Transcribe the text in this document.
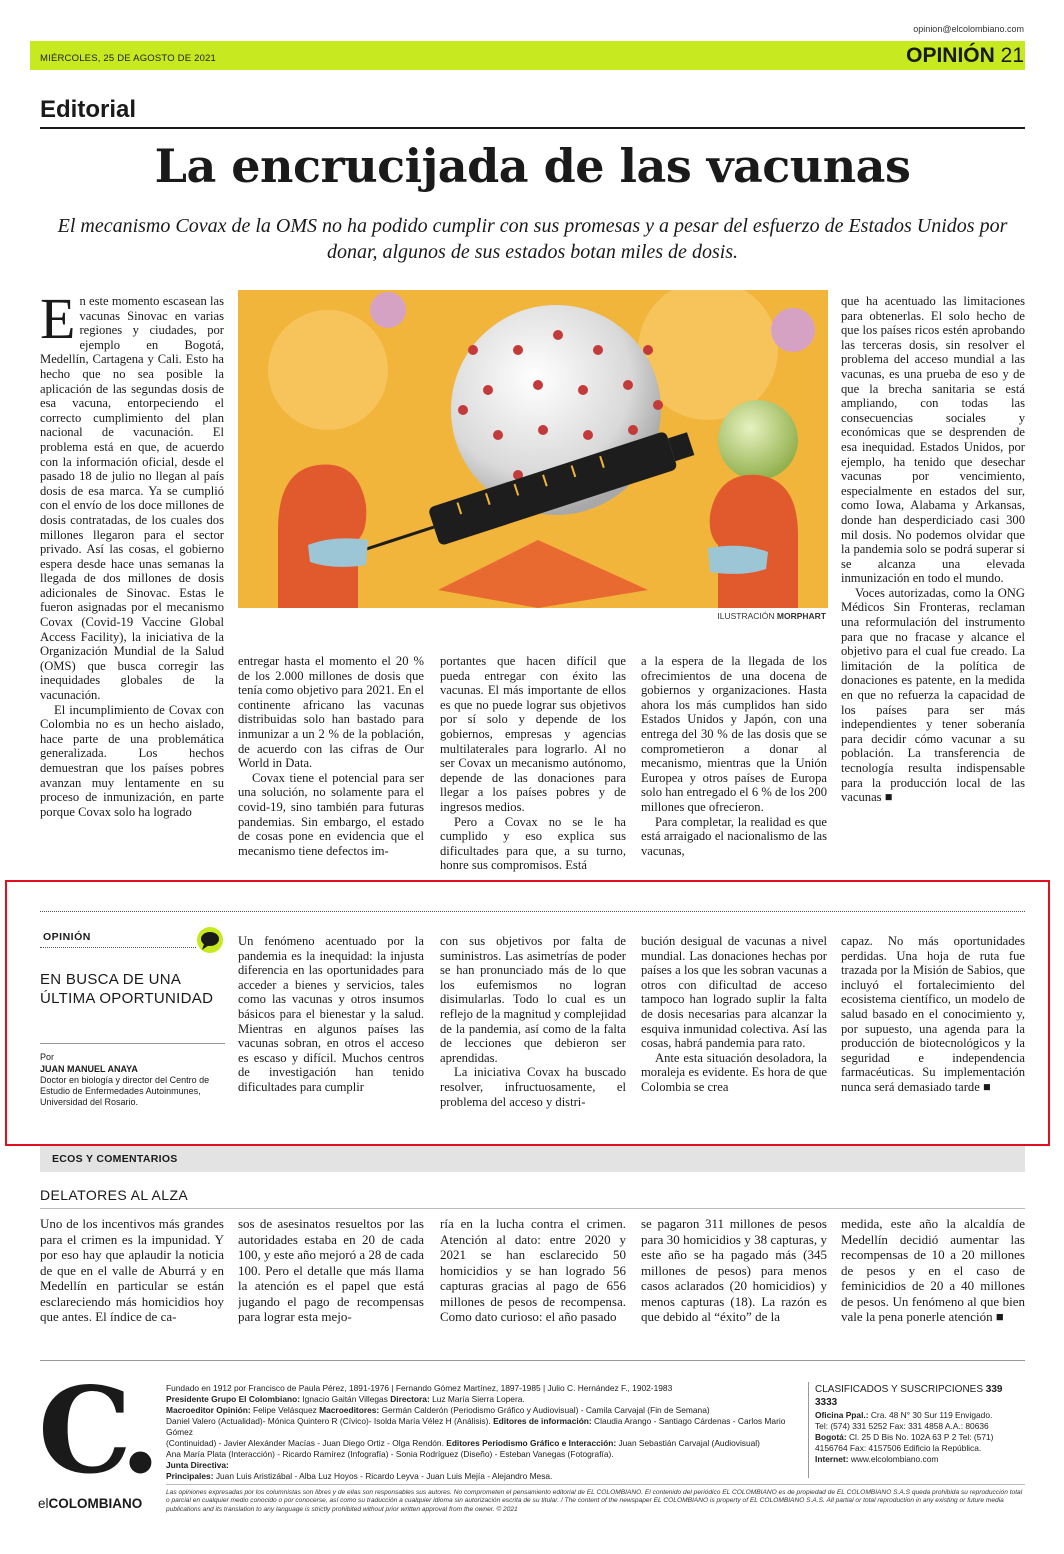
opinion@elcolombiano.com
MIÉRCOLES, 25 DE AGOSTO DE 2021	OPINIÓN 21
Editorial
La encrucijada de las vacunas
El mecanismo Covax de la OMS no ha podido cumplir con sus promesas y a pesar del esfuerzo de Estados Unidos por donar, algunos de sus estados botan miles de dosis.
ILUSTRACIÓN MORPHART

En este momento escasean las vacunas Sinovac en varias regiones y ciudades, por ejemplo en Bogotá, Medellín, Cartagena y Cali. Esto ha hecho que no sea posible la aplicación de las segundas dosis de esa vacuna, entorpeciendo el correcto cumplimiento del plan nacional de vacunación. El problema está en que, de acuerdo con la información oficial, desde el pasado 18 de julio no llegan al país dosis de esa marca. Ya se cumplió con el envío de los doce millones de dosis contratadas, de los cuales dos millones llegaron para el sector privado. Así las cosas, el gobierno espera desde hace unas semanas la llegada de dos millones de dosis adicionales de Sinovac. Estas le fueron asignadas por el mecanismo Covax (Covid-19 Vaccine Global Access Facility), la iniciativa de la Organización Mundial de la Salud (OMS) que busca corregir las inequidades globales de la vacunación.

El incumplimiento de Covax con Colombia no es un hecho aislado, hace parte de una problemática generalizada. Los hechos demuestran que los países pobres avanzan muy lentamente en su proceso de inmunización, en parte porque Covax solo ha logrado

entregar hasta el momento el 20 % de los 2.000 millones de dosis que tenía como objetivo para 2021. En el continente africano las vacunas distribuidas solo han bastado para inmunizar a un 2 % de la población, de acuerdo con las cifras de Our World in Data.

Covax tiene el potencial para ser una solución, no solamente para el covid-19, sino también para futuras pandemias. Sin embargo, el estado de cosas pone en evidencia que el mecanismo tiene defectos im-

portantes que hacen difícil que pueda entregar con éxito las vacunas. El más importante de ellos es que no puede lograr sus objetivos por sí solo y depende de los gobiernos, empresas y agencias multilaterales para lograrlo. Al no ser Covax un mecanismo autónomo, depende de las donaciones para llegar a los países pobres y de ingresos medios.

Pero a Covax no se le ha cumplido y eso explica sus dificultades para que, a su turno, honre sus compromisos. Está

a la espera de la llegada de los ofrecimientos de una docena de gobiernos y organizaciones. Hasta ahora los más cumplidos han sido Estados Unidos y Japón, con una entrega del 30 % de las dosis que se comprometieron a donar al mecanismo, mientras que la Unión Europea y otros países de Europa solo han entregado el 6 % de los 200 millones que ofrecieron.

Para completar, la realidad es que está arraigado el nacionalismo de las vacunas,

que ha acentuado las limitaciones para obtenerlas. El solo hecho de que los países ricos estén aprobando las terceras dosis, sin resolver el problema del acceso mundial a las vacunas, es una prueba de eso y de que la brecha sanitaria se está ampliando, con todas las consecuencias sociales y económicas que se desprenden de esa inequidad. Estados Unidos, por ejemplo, ha tenido que desechar vacunas por vencimiento, especialmente en estados del sur, como Iowa, Alabama y Arkansas, donde han desperdiciado casi 300 mil dosis. No podemos olvidar que la pandemia solo se podrá superar si se alcanza una elevada inmunización en todo el mundo.

Voces autorizadas, como la ONG Médicos Sin Fronteras, reclaman una reformulación del instrumento para que no fracase y alcance el objetivo para el cual fue creado. La limitación de la política de donaciones es patente, en la medida en que no refuerza la capacidad de los países para ser más independientes y tener soberanía para decidir cómo vacunar a su población. La transferencia de tecnología resulta indispensable para la producción local de las vacunas ■

OPINIÓN
EN BUSCA DE UNA ÚLTIMA OPORTUNIDAD
Por
JUAN MANUEL ANAYA
Doctor en biología y director del Centro de Estudio de Enfermedades Autoinmunes, Universidad del Rosario.

Un fenómeno acentuado por la pandemia es la inequidad: la injusta diferencia en las oportunidades para acceder a bienes y servicios, tales como las vacunas y otros insumos básicos para el bienestar y la salud. Mientras en algunos países las vacunas sobran, en otros el acceso es escaso y difícil. Muchos centros de investigación han tenido dificultades para cumplir

con sus objetivos por falta de suministros. Las asimetrías de poder se han pronunciado más de lo que los eufemismos no logran disimularlas. Todo lo cual es un reflejo de la magnitud y complejidad de la pandemia, así como de la falta de lecciones que debieron ser aprendidas.

La iniciativa Covax ha buscado resolver, infructuosamente, el problema del acceso y distri-

bución desigual de vacunas a nivel mundial. Las donaciones hechas por países a los que les sobran vacunas a otros con dificultad de acceso tampoco han logrado suplir la falta de dosis necesarias para alcanzar la esquiva inmunidad colectiva. Así las cosas, habrá pandemia para rato.

Ante esta situación desoladora, la moraleja es evidente. Es hora de que Colombia se crea

capaz. No más oportunidades perdidas. Una hoja de ruta fue trazada por la Misión de Sabios, que incluyó el fortalecimiento del ecosistema científico, un modelo de salud basado en el conocimiento y, por supuesto, una agenda para la producción de biotecnológicos y la seguridad e independencia farmacéuticas. Su implementación nunca será demasiado tarde ■

ECOS Y COMENTARIOS
DELATORES AL ALZA

Uno de los incentivos más grandes para el crimen es la impunidad. Y por eso hay que aplaudir la noticia de que en el valle de Aburrá y en Medellín en particular se están esclareciendo más homicidios hoy que antes. El índice de ca-

sos de asesinatos resueltos por las autoridades estaba en 20 de cada 100, y este año mejoró a 28 de cada 100. Pero el detalle que más llama la atención es el papel que está jugando el pago de recompensas para lograr esta mejo-

ría en la lucha contra el crimen. Atención al dato: entre 2020 y 2021 se han esclarecido 50 homicidios y se han logrado 56 capturas gracias al pago de 656 millones de pesos de recompensa. Como dato curioso: el año pasado

se pagaron 311 millones de pesos para 30 homicidios y 38 capturas, y este año se ha pagado más (345 millones de pesos) para menos casos aclarados (20 homicidios) y menos capturas (18). La razón es que debido al “éxito” de la

medida, este año la alcaldía de Medellín decidió aumentar las recompensas de 10 a 20 millones de pesos y en el caso de feminicidios de 20 a 40 millones de pesos. Un fenómeno al que bien vale la pena ponerle atención ■

C.
elCOLOMBIANO
Fundado en 1912 por Francisco de Paula Pérez, 1891-1976 | Fernando Gómez Martínez, 1897-1985 | Julio C. Hernández F., 1902-1983
Presidente Grupo El Colombiano: Ignacio Gaitán Villegas Directora: Luz María Sierra Lopera.
Macroeditor Opinión: Felipe Velásquez Macroeditores: Germán Calderón (Periodismo Gráfico y Audiovisual) - Camila Carvajal (Fin de Semana)
Daniel Valero (Actualidad)- Mónica Quintero R (Cívico)- Isolda María Vélez H (Análisis). Editores de información: Claudia Arango - Santiago Cárdenas - Carlos Mario Gómez
(Continuidad) - Javier Alexánder Macías - Juan Diego Ortiz - Olga Rendón. Editores Periodismo Gráfico e Interacción: Juan Sebastián Carvajal (Audiovisual)
Ana María Plata (Interacción) - Ricardo Ramírez (Infografía) - Sonia Rodríguez (Diseño) - Esteban Vanegas (Fotografía).
Junta Directiva:
Principales: Juan Luis Aristizábal - Alba Luz Hoyos - Ricardo Leyva - Juan Luis Mejía - Alejandro Mesa.
CLASIFICADOS Y SUSCRIPCIONES 339 3333
Oficina Ppal.: Cra. 48 N° 30 Sur 119 Envigado.
Tel: (574) 331 5252 Fax: 331 4858 A.A.: 80636
Bogotá: Cl. 25 D Bis No. 102A 63 P 2 Tel: (571)
4156764 Fax: 4157506 Edificio la República.
Internet: www.elcolombiano.com
Las opiniones expresadas por los columnistas son libres y de ellas son responsables sus autores. No comprometen el pensamiento editorial de EL COLOMBIANO. El contenido del periódico EL COLOMBIANO es de propiedad de EL COLOMBIANO S.A.S queda prohibida su reproducción total o parcial en cualquier medio conocido o por conocerse, así como su traducción a cualquier idioma sin autorización escrita de su titular. / The content of the newspaper EL COLOMBIANO is property of EL COLOMBIANO S.A.S. All partial or total reproduction in any existing or future media publications and its translation to any language is strictly prohibited without prior written approval from the owner. © 2021
